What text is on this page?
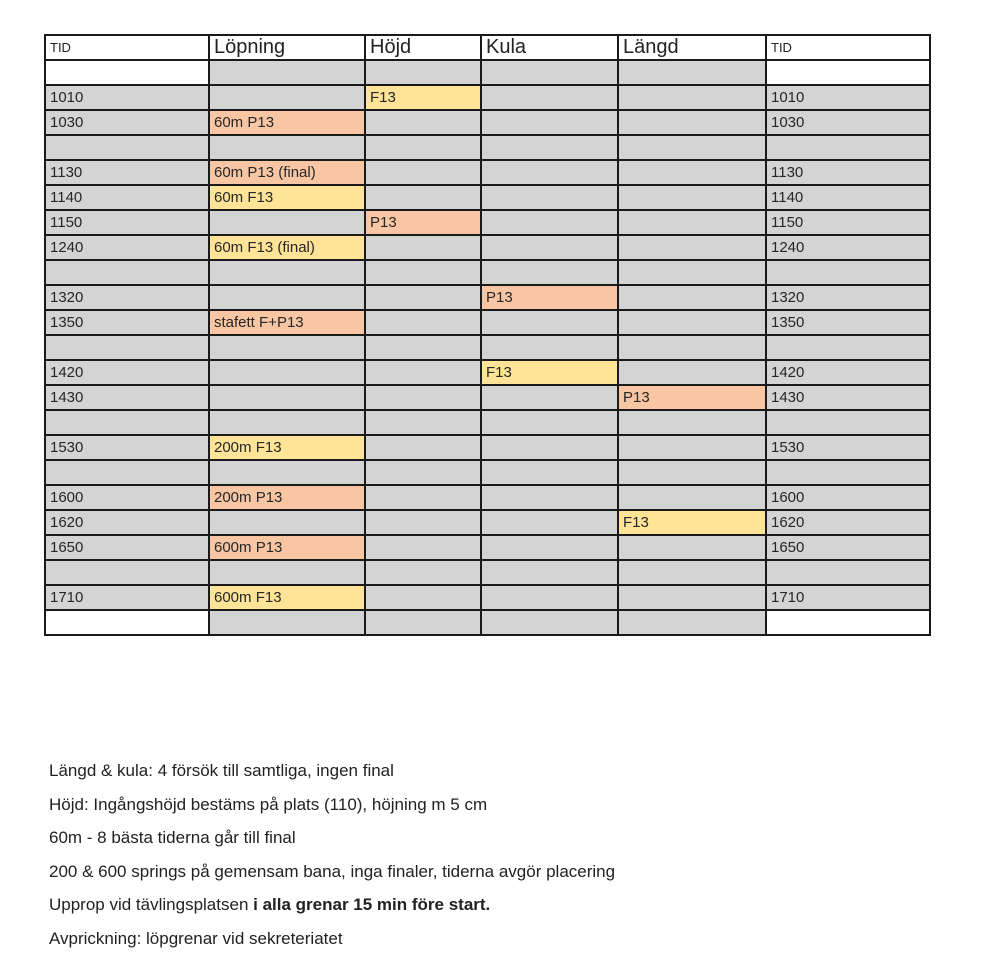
TID	Löpning	Höjd	Kula	Längd	TID

1010		F13			1010
1030	60m P13				1030

1130	60m P13 (final)				1130
1140	60m F13				1140
1150		P13			1150
1240	60m F13 (final)				1240

1320			P13		1320
1350	stafett F+P13				1350

1420			F13		1420
1430				P13	1430

1530	200m F13				1530

1600	200m P13				1600
1620				F13	1620
1650	600m P13				1650

1710	600m F13				1710

Längd & kula: 4 försök till samtliga, ingen final
Höjd: Ingångshöjd bestäms på plats (110), höjning m 5 cm
60m - 8 bästa tiderna går till final
200 & 600 springs på gemensam bana, inga finaler, tiderna avgör placering
Upprop vid tävlingsplatsen i alla grenar 15 min före start.
Avprickning: löpgrenar vid sekreteriatet
